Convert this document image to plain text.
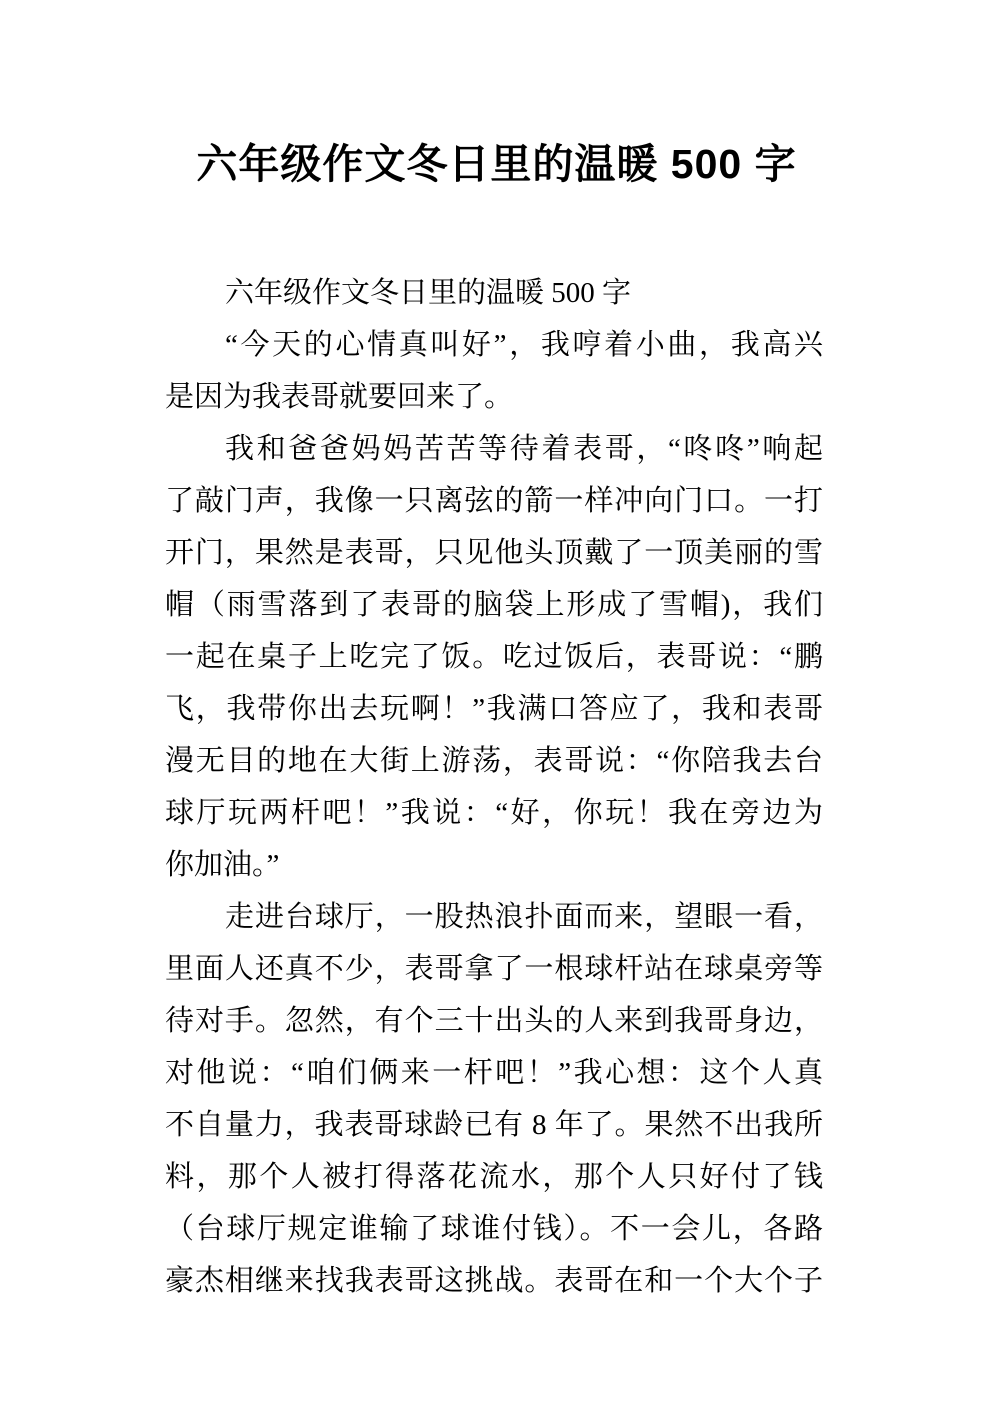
六年级作文冬日里的温暖 500 字
六年级作文冬日里的温暖 500 字
“今天的心情真叫好”，我哼着小曲，我高兴
是因为我表哥就要回来了。
我和爸爸妈妈苦苦等待着表哥，“咚咚”响起
了敲门声，我像一只离弦的箭一样冲向门口。一打
开门，果然是表哥，只见他头顶戴了一顶美丽的雪
帽（雨雪落到了表哥的脑袋上形成了雪帽)，我们
一起在桌子上吃完了饭。吃过饭后，表哥说：“鹏
飞，我带你出去玩啊！”我满口答应了，我和表哥
漫无目的地在大街上游荡，表哥说：“你陪我去台
球厅玩两杆吧！”我说：“好，你玩！我在旁边为
你加油。”
走进台球厅，一股热浪扑面而来，望眼一看，
里面人还真不少，表哥拿了一根球杆站在球桌旁等
待对手。忽然，有个三十出头的人来到我哥身边，
对他说：“咱们俩来一杆吧！”我心想：这个人真
不自量力，我表哥球龄已有 8 年了。果然不出我所
料，那个人被打得落花流水，那个人只好付了钱
（台球厅规定谁输了球谁付钱）。不一会儿，各路
豪杰相继来找我表哥这挑战。表哥在和一个大个子
